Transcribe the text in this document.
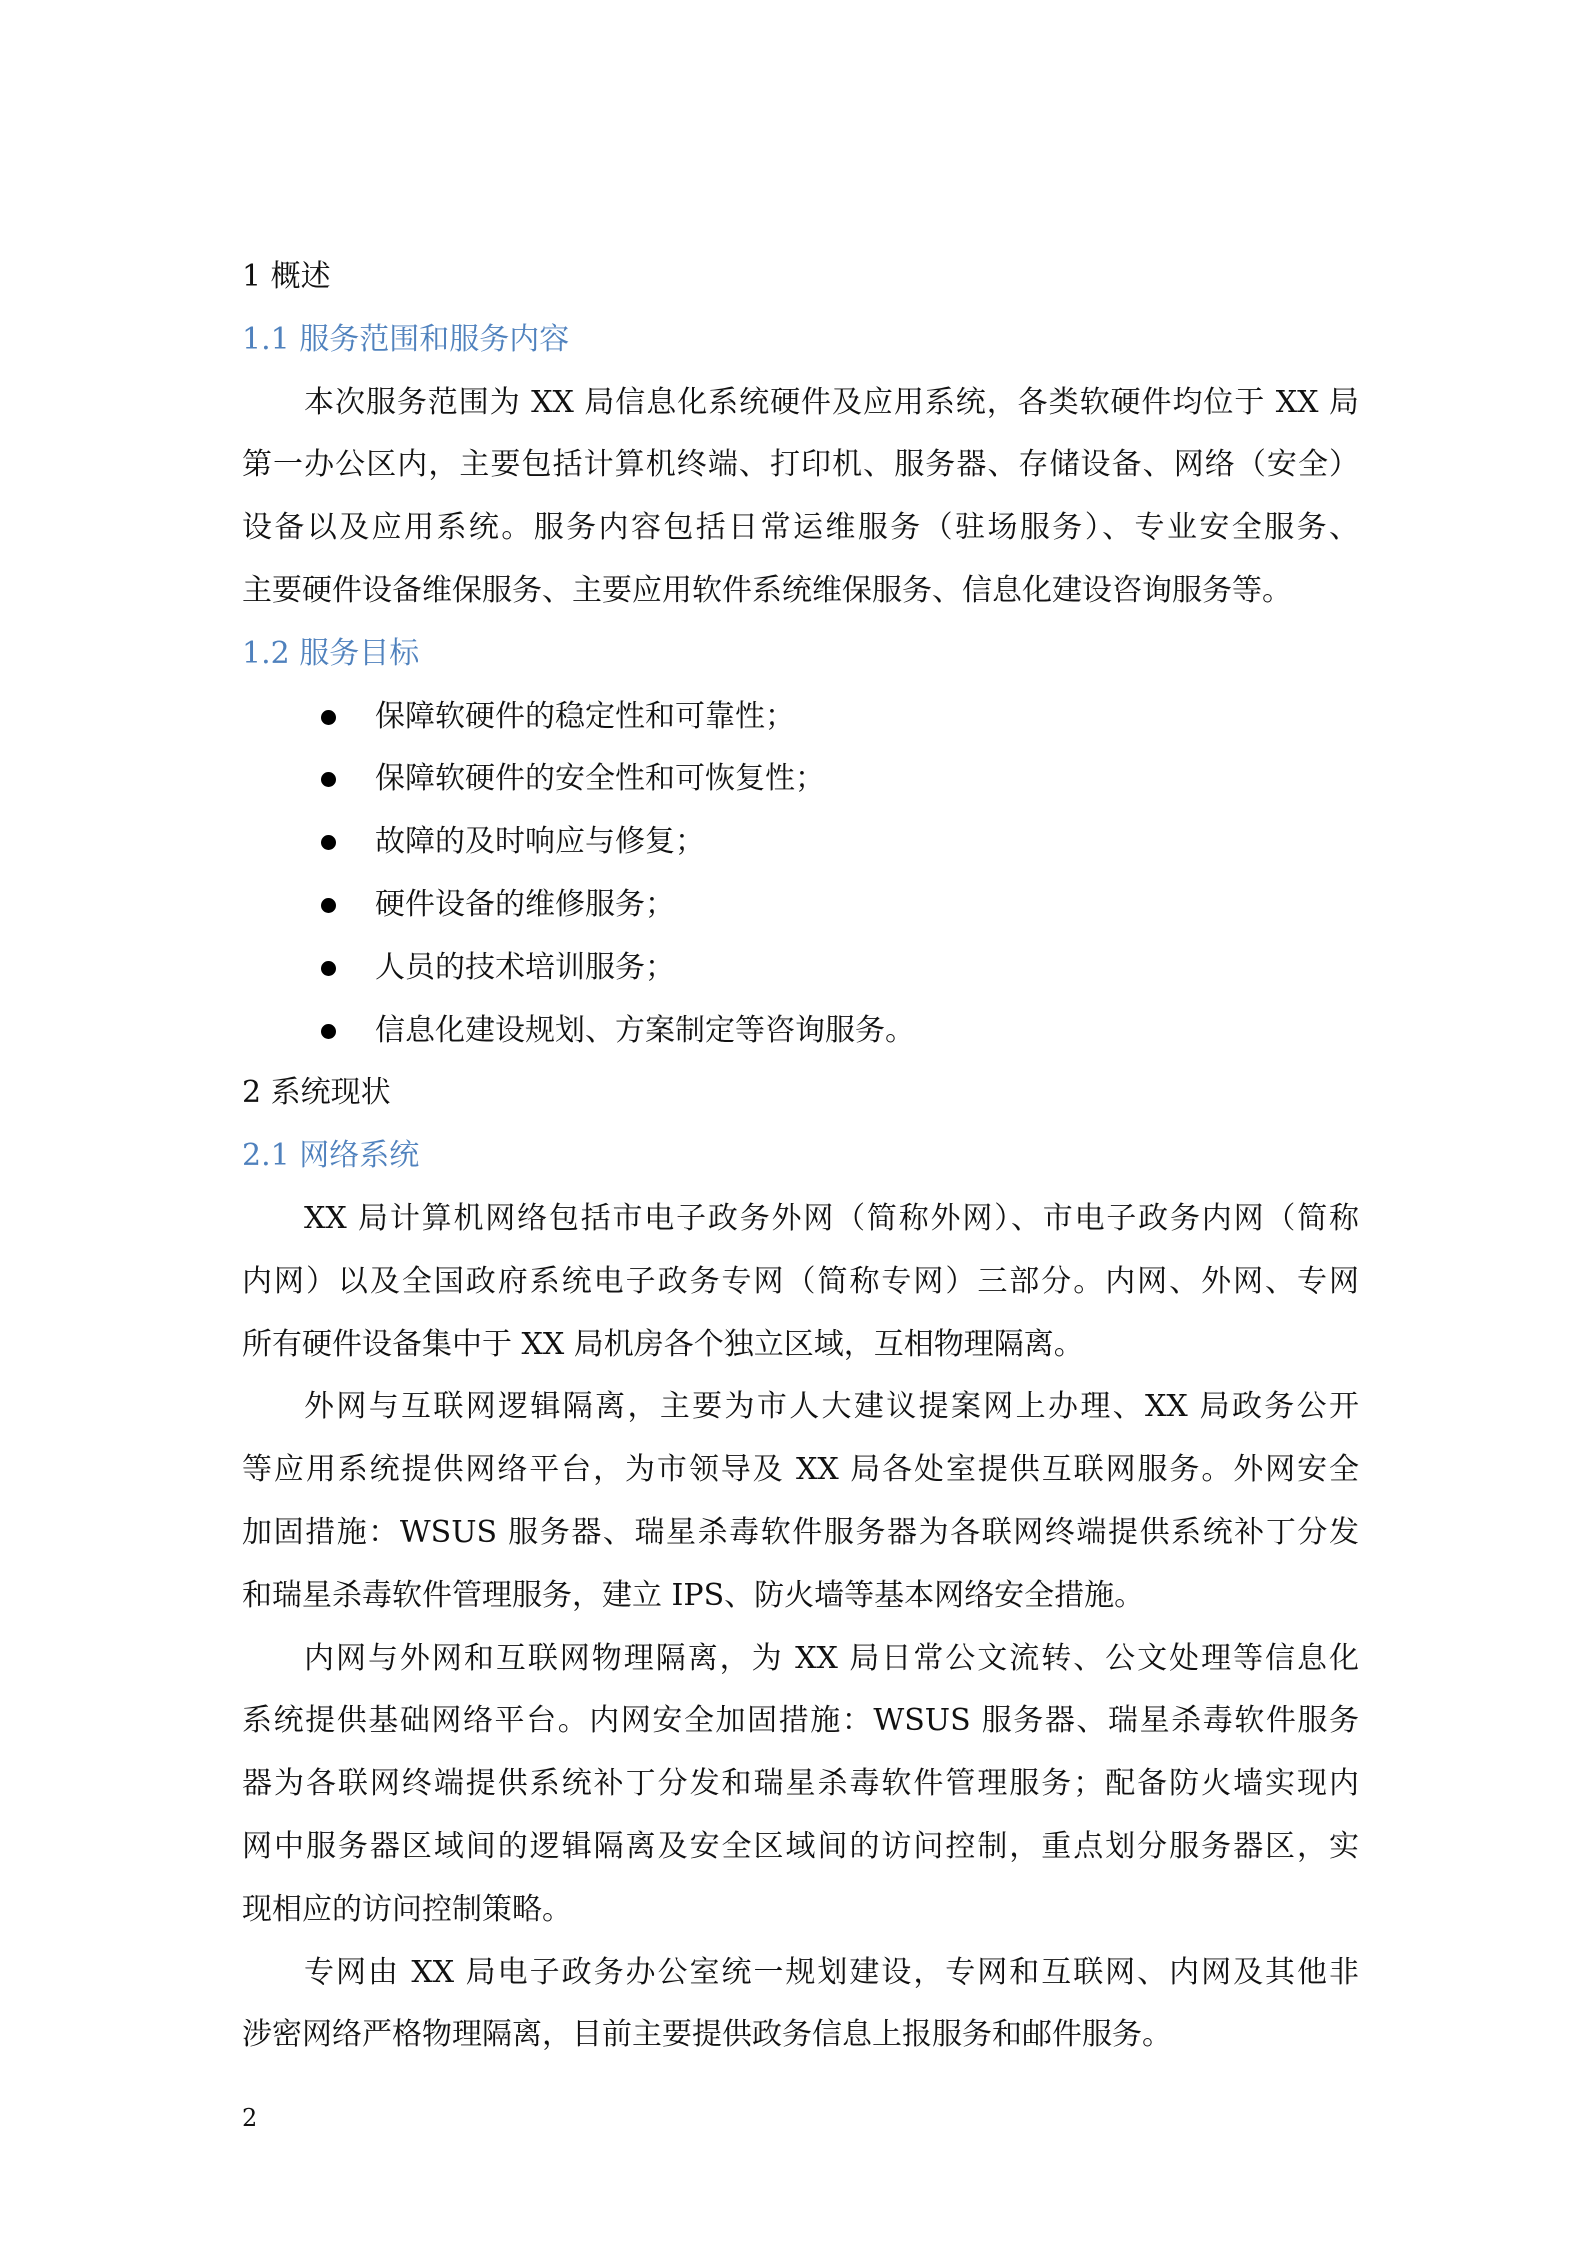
1 概述
1.1 服务范围和服务内容
本次服务范围为 XX 局信息化系统硬件及应用系统，各类软硬件均位于 XX 局
第一办公区内，主要包括计算机终端、打印机、服务器、存储设备、网络（安全）
设备以及应用系统。服务内容包括日常运维服务（驻场服务）、专业安全服务、
主要硬件设备维保服务、主要应用软件系统维保服务、信息化建设咨询服务等。
1.2 服务目标
保障软硬件的稳定性和可靠性；
保障软硬件的安全性和可恢复性；
故障的及时响应与修复；
硬件设备的维修服务；
人员的技术培训服务；
信息化建设规划、方案制定等咨询服务。
2 系统现状
2.1 网络系统
XX 局计算机网络包括市电子政务外网（简称外网）、市电子政务内网（简称
内网）以及全国政府系统电子政务专网（简称专网）三部分。内网、外网、专网
所有硬件设备集中于 XX 局机房各个独立区域，互相物理隔离。
外网与互联网逻辑隔离，主要为市人大建议提案网上办理、XX 局政务公开
等应用系统提供网络平台，为市领导及 XX 局各处室提供互联网服务。外网安全
加固措施：WSUS 服务器、瑞星杀毒软件服务器为各联网终端提供系统补丁分发
和瑞星杀毒软件管理服务，建立 IPS、防火墙等基本网络安全措施。
内网与外网和互联网物理隔离，为 XX 局日常公文流转、公文处理等信息化
系统提供基础网络平台。内网安全加固措施：WSUS 服务器、瑞星杀毒软件服务
器为各联网终端提供系统补丁分发和瑞星杀毒软件管理服务；配备防火墙实现内
网中服务器区域间的逻辑隔离及安全区域间的访问控制，重点划分服务器区，实
现相应的访问控制策略。
专网由 XX 局电子政务办公室统一规划建设，专网和互联网、内网及其他非
涉密网络严格物理隔离，目前主要提供政务信息上报服务和邮件服务。
2
